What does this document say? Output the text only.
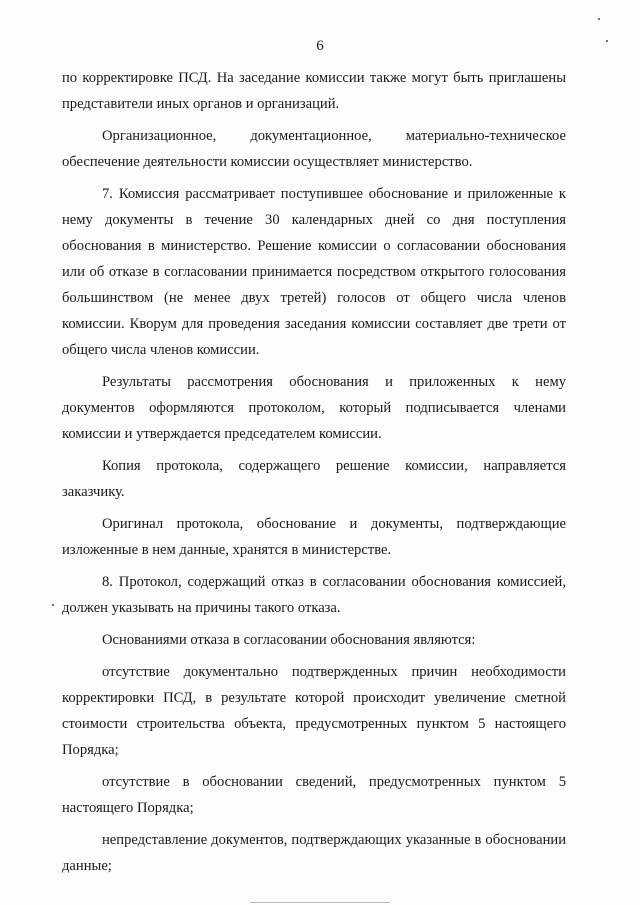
6

по корректировке ПСД. На заседание комиссии также могут быть приглашены представители иных органов и организаций.

Организационное, документационное, материально-техническое обеспечение деятельности комиссии осуществляет министерство.

7. Комиссия рассматривает поступившее обоснование и приложенные к нему документы в течение 30 календарных дней со дня поступления обоснования в министерство. Решение комиссии о согласовании обоснования или об отказе в согласовании принимается посредством открытого голосования большинством (не менее двух третей) голосов от общего числа членов комиссии. Кворум для проведения заседания комиссии составляет две трети от общего числа членов комиссии.

Результаты рассмотрения обоснования и приложенных к нему документов оформляются протоколом, который подписывается членами комиссии и утверждается председателем комиссии.

Копия протокола, содержащего решение комиссии, направляется заказчику.

Оригинал протокола, обоснование и документы, подтверждающие изложенные в нем данные, хранятся в министерстве.

8. Протокол, содержащий отказ в согласовании обоснования комиссией, должен указывать на причины такого отказа.

Основаниями отказа в согласовании обоснования являются:

отсутствие документально подтвержденных причин необходимости корректировки ПСД, в результате которой происходит увеличение сметной стоимости строительства объекта, предусмотренных пунктом 5 настоящего Порядка;

отсутствие в обосновании сведений, предусмотренных пунктом 5 настоящего Порядка;

непредставление документов, подтверждающих указанные в обосновании данные;
